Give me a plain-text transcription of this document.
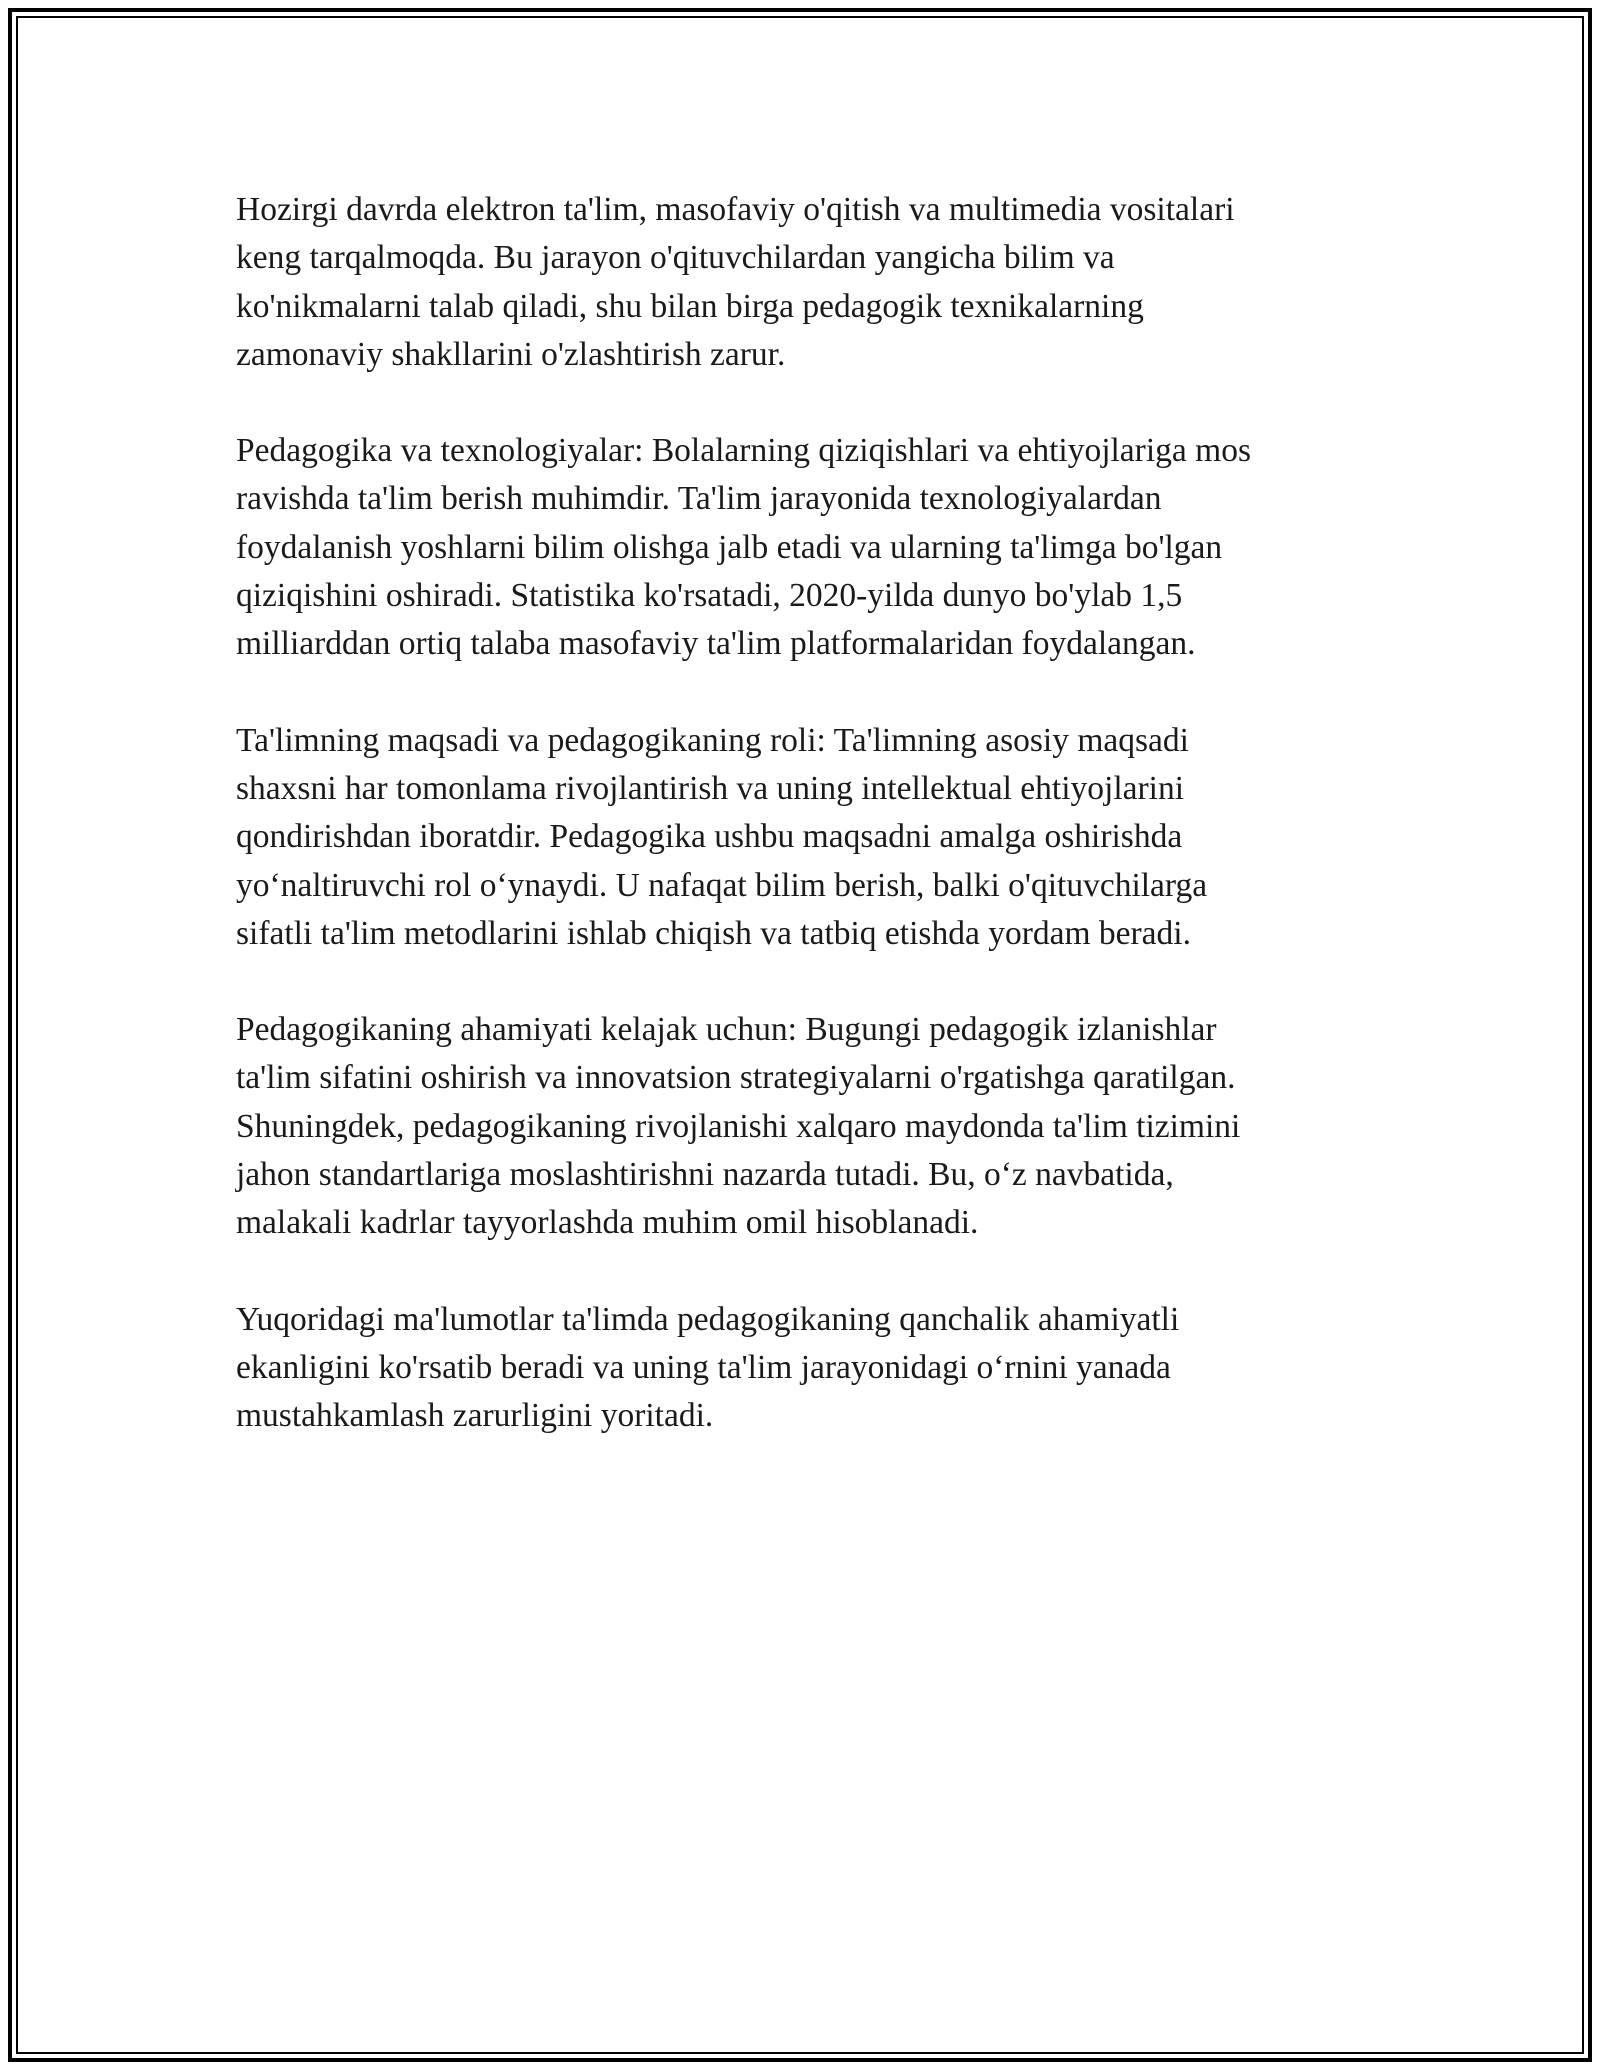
Hozirgi davrda elektron ta'lim, masofaviy o'qitish va multimedia vositalari
keng tarqalmoqda. Bu jarayon o'qituvchilardan yangicha bilim va
ko'nikmalarni talab qiladi, shu bilan birga pedagogik texnikalarning
zamonaviy shakllarini o'zlashtirish zarur.

Pedagogika va texnologiyalar: Bolalarning qiziqishlari va ehtiyojlariga mos
ravishda ta'lim berish muhimdir. Ta'lim jarayonida texnologiyalardan
foydalanish yoshlarni bilim olishga jalb etadi va ularning ta'limga bo'lgan
qiziqishini oshiradi. Statistika ko'rsatadi, 2020-yilda dunyo bo'ylab 1,5
milliarddan ortiq talaba masofaviy ta'lim platformalaridan foydalangan.

Ta'limning maqsadi va pedagogikaning roli: Ta'limning asosiy maqsadi
shaxsni har tomonlama rivojlantirish va uning intellektual ehtiyojlarini
qondirishdan iboratdir. Pedagogika ushbu maqsadni amalga oshirishda
yo‘naltiruvchi rol o‘ynaydi. U nafaqat bilim berish, balki o'qituvchilarga
sifatli ta'lim metodlarini ishlab chiqish va tatbiq etishda yordam beradi.

Pedagogikaning ahamiyati kelajak uchun: Bugungi pedagogik izlanishlar
ta'lim sifatini oshirish va innovatsion strategiyalarni o'rgatishga qaratilgan.
Shuningdek, pedagogikaning rivojlanishi xalqaro maydonda ta'lim tizimini
jahon standartlariga moslashtirishni nazarda tutadi. Bu, o‘z navbatida,
malakali kadrlar tayyorlashda muhim omil hisoblanadi.

Yuqoridagi ma'lumotlar ta'limda pedagogikaning qanchalik ahamiyatli
ekanligini ko'rsatib beradi va uning ta'lim jarayonidagi o‘rnini yanada
mustahkamlash zarurligini yoritadi.
